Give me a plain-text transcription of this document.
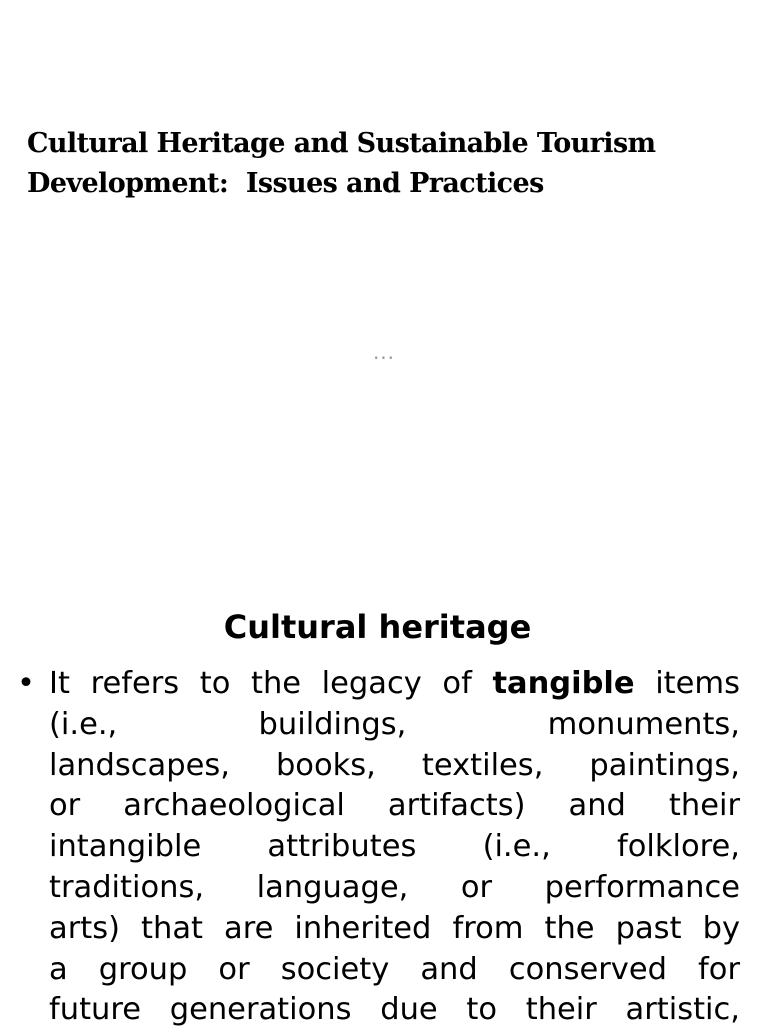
Cultural Heritage and Sustainable Tourism
Development:  Issues and Practices
...
Cultural heritage
• It refers to the legacy of tangible items
(i.e., buildings, monuments,
landscapes, books, textiles, paintings,
or archaeological artifacts) and their
intangible attributes (i.e., folklore,
traditions, language, or performance
arts) that are inherited from the past by
a group or society and conserved for
future generations due to their artistic,
